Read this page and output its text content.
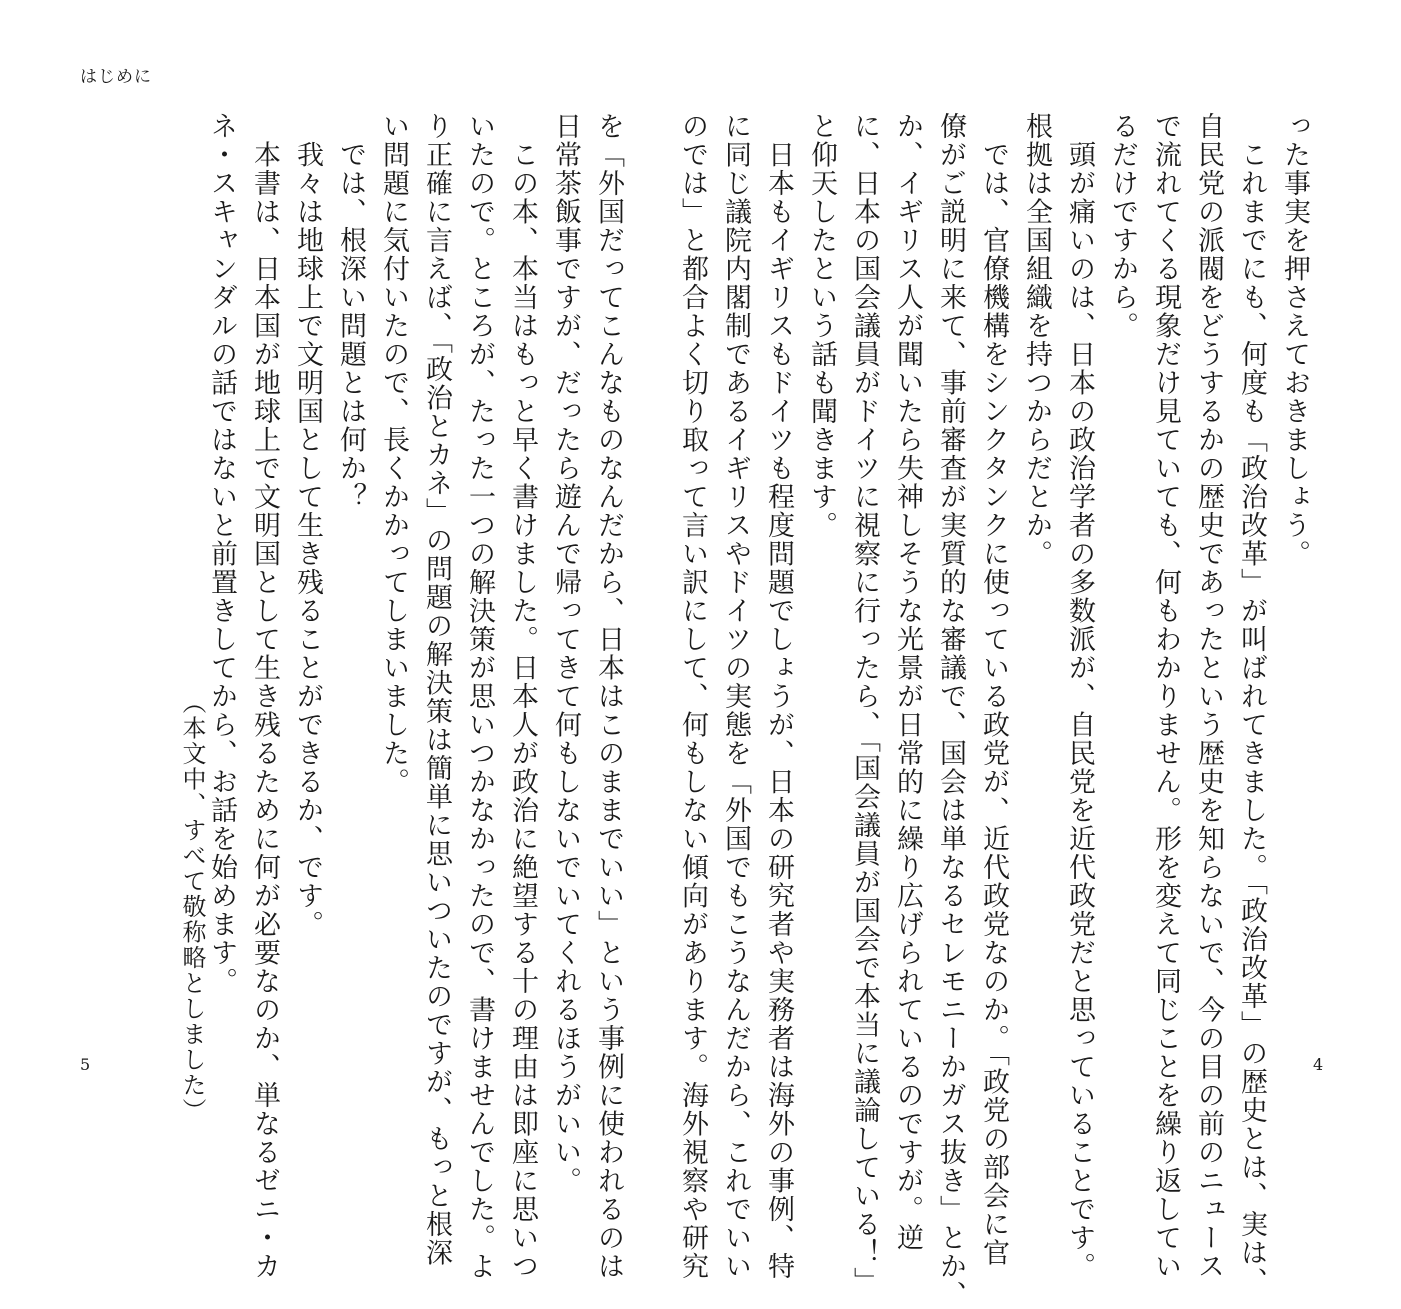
はじめに
を「外国だってこんなものなんだから、日本はこのままでいい」という事例に使われるのは
日常茶飯事ですが、だったら遊んで帰ってきて何もしないでいてくれるほうがいい。
　この本、本当はもっと早く書けました。日本人が政治に絶望する十の理由は即座に思いつ
いたので。ところが、たった一つの解決策が思いつかなかったので、書けませんでした。よ
り正確に言えば、「政治とカネ」の問題の解決策は簡単に思いついたのですが、もっと根深
い問題に気付いたので、長くかかってしまいました。
　では、根深い問題とは何か？
　我々は地球上で文明国として生き残ることができるか、です。
　本書は、日本国が地球上で文明国として生き残るために何が必要なのか、単なるゼニ・カ
ネ・スキャンダルの話ではないと前置きしてから、お話を始めます。
（本文中、すべて敬称略としました）
5
った事実を押さえておきましょう。
　これまでにも、何度も「政治改革」が叫ばれてきました。「政治改革」の歴史とは、実は、
自民党の派閥をどうするかの歴史であったという歴史を知らないで、今の目の前のニュース
で流れてくる現象だけ見ていても、何もわかりません。形を変えて同じことを繰り返してい
るだけですから。
　頭が痛いのは、日本の政治学者の多数派が、自民党を近代政党だと思っていることです。
根拠は全国組織を持つからだとか。
　では、官僚機構をシンクタンクに使っている政党が、近代政党なのか。「政党の部会に官
僚がご説明に来て、事前審査が実質的な審議で、国会は単なるセレモニーかガス抜き」とか、
か、イギリス人が聞いたら失神しそうな光景が日常的に繰り広げられているのですが。逆
に、日本の国会議員がドイツに視察に行ったら、「国会議員が国会で本当に議論している！」
と仰天したという話も聞きます。
　日本もイギリスもドイツも程度問題でしょうが、日本の研究者や実務者は海外の事例、特
に同じ議院内閣制であるイギリスやドイツの実態を「外国でもこうなんだから、これでいい
のでは」と都合よく切り取って言い訳にして、何もしない傾向があります。海外視察や研究	4
